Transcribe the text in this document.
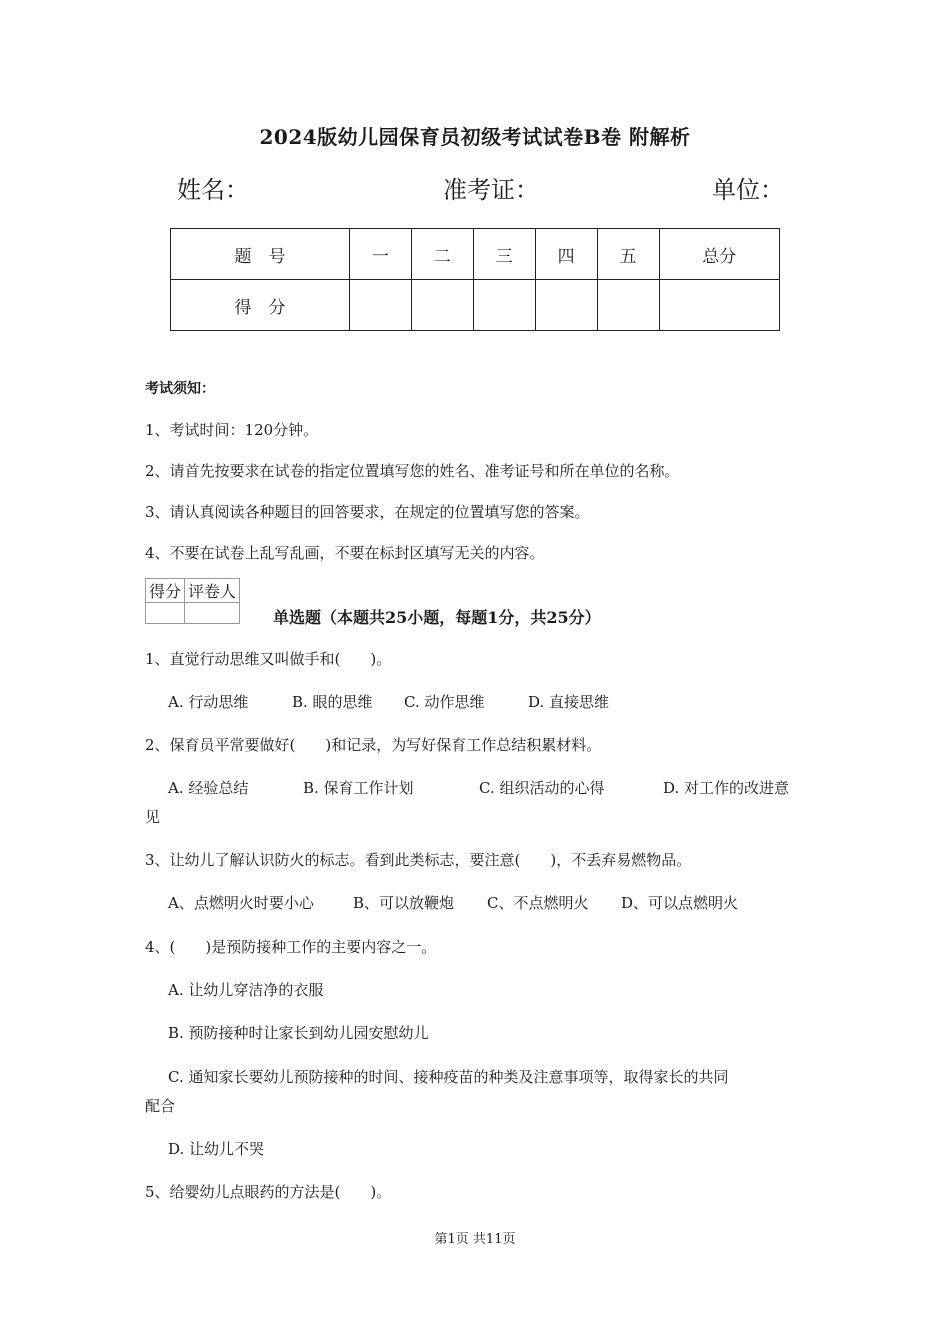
2024版幼儿园保育员初级考试试卷B卷 附解析
姓名：	准考证：	单位：
题　号	一	二	三	四	五	总分
得　分						
考试须知：
1、考试时间：120分钟。
2、请首先按要求在试卷的指定位置填写您的姓名、准考证号和所在单位的名称。
3、请认真阅读各种题目的回答要求，在规定的位置填写您的答案。
4、不要在试卷上乱写乱画，不要在标封区填写无关的内容。
得分	评卷人

单选题（本题共25小题，每题1分，共25分）
1、直觉行动思维又叫做手和(　　)。
A. 行动思维	B. 眼的思维 C. 动作思维	D. 直接思维
2、保育员平常要做好(　　)和记录，为写好保育工作总结积累材料。
A. 经验总结	B. 保育工作计划	C. 组织活动的心得	D. 对工作的改进意
见
3、让幼儿了解认识防火的标志。看到此类标志，要注意(　　)，不丢弃易燃物品。
A、点燃明火时要小心	B、可以放鞭炮 C、不点燃明火 D、可以点燃明火
4、(　　)是预防接种工作的主要内容之一。
A. 让幼儿穿洁净的衣服
B. 预防接种时让家长到幼儿园安慰幼儿
C. 通知家长要幼儿预防接种的时间、接种疫苗的种类及注意事项等，取得家长的共同
配合
D. 让幼儿不哭
5、给婴幼儿点眼药的方法是(　　)。
第1页 共11页
